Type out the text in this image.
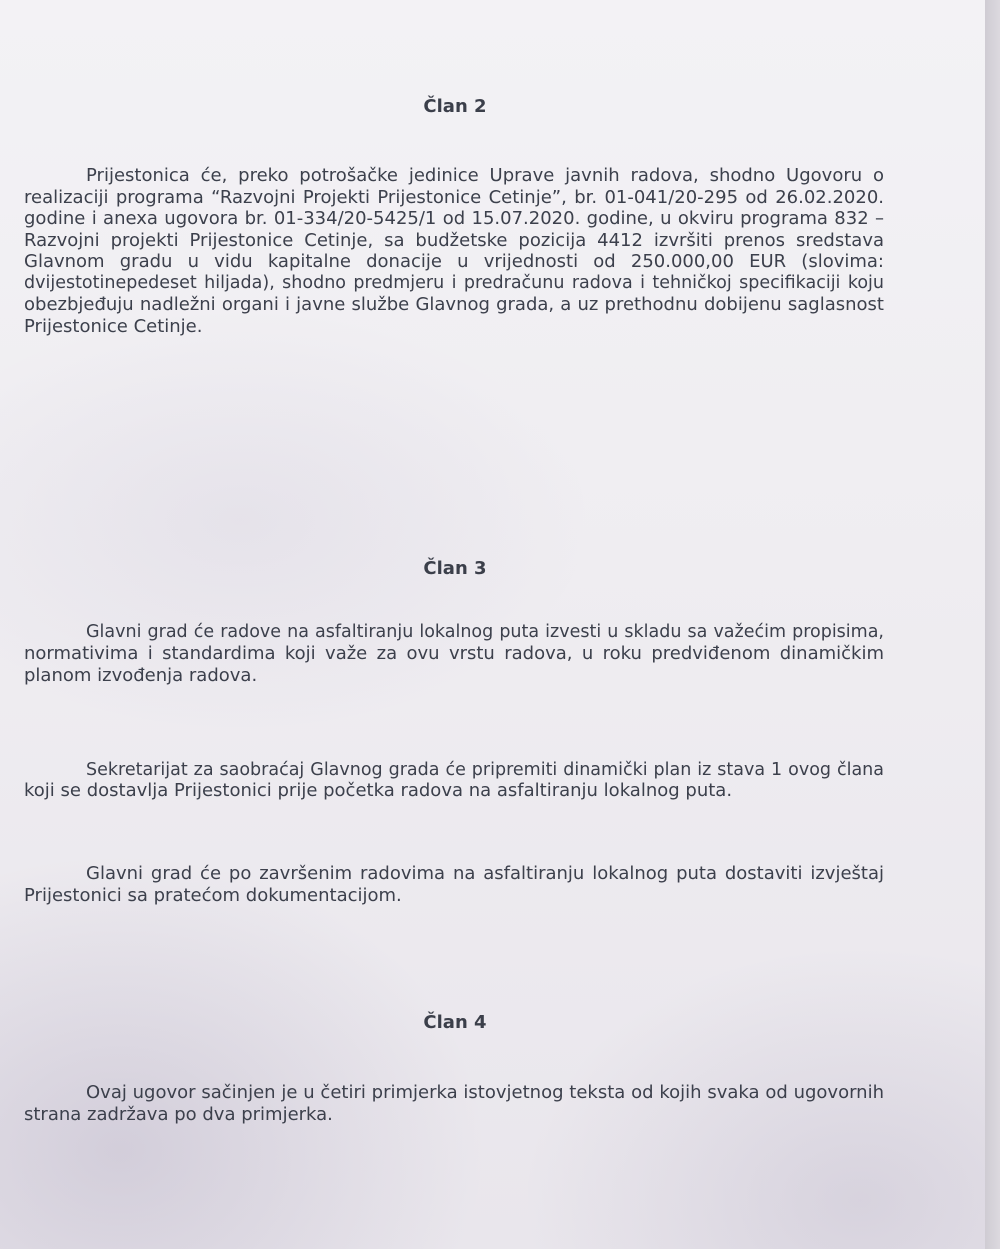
Član 2
Prijestonica će, preko potrošačke jedinice Uprave javnih radova, shodno Ugovoru o
realizaciji programa “Razvojni Projekti Prijestonice Cetinje”, br. 01-041/20-295 od 26.02.2020.
godine i anexa ugovora br. 01-334/20-5425/1 od 15.07.2020. godine, u okviru programa 832 –
Razvojni projekti Prijestonice Cetinje, sa budžetske pozicija 4412 izvršiti prenos sredstava
Glavnom gradu u vidu kapitalne donacije u vrijednosti od 250.000,00 EUR (slovima:
dvijestotinepedeset hiljada), shodno predmjeru i predračunu radova i tehničkoj specifikaciji koju
obezbjeđuju nadležni organi i javne službe Glavnog grada, a uz prethodnu dobijenu saglasnost
Prijestonice Cetinje.
Član 3
Glavni grad će radove na asfaltiranju lokalnog puta izvesti u skladu sa važećim propisima,
normativima i standardima koji važe za ovu vrstu radova, u roku predviđenom dinamičkim
planom izvođenja radova.
Sekretarijat za saobraćaj Glavnog grada će pripremiti dinamički plan iz stava 1 ovog člana
koji se dostavlja Prijestonici prije početka radova na asfaltiranju lokalnog puta.
Glavni grad će po završenim radovima na asfaltiranju lokalnog puta dostaviti izvještaj
Prijestonici sa pratećom dokumentacijom.
Član 4
Ovaj ugovor sačinjen je u četiri primjerka istovjetnog teksta od kojih svaka od ugovornih
strana zadržava po dva primjerka.
